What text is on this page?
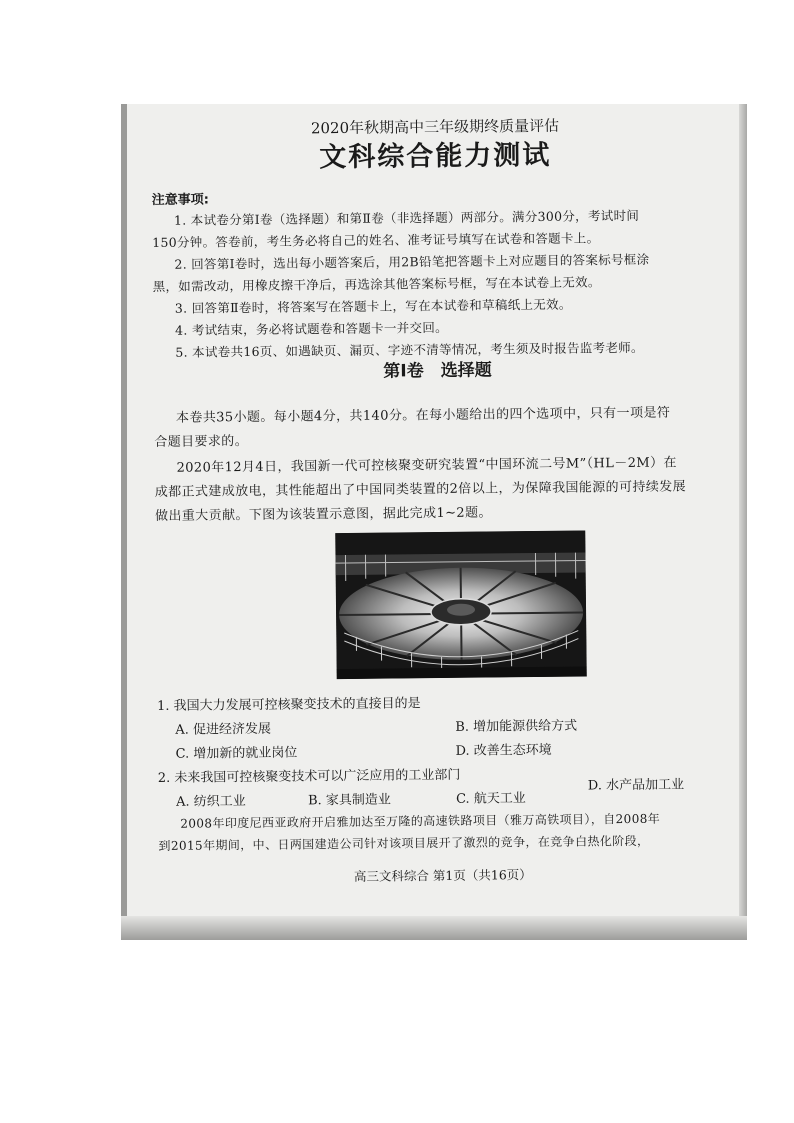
2020年秋期高中三年级期终质量评估
文科综合能力测试
注意事项:
1. 本试卷分第Ⅰ卷（选择题）和第Ⅱ卷（非选择题）两部分。满分300分，考试时间
150分钟。答卷前，考生务必将自己的姓名、准考证号填写在试卷和答题卡上。
2. 回答第Ⅰ卷时，选出每小题答案后，用2B铅笔把答题卡上对应题目的答案标号框涂
黑，如需改动，用橡皮擦干净后，再选涂其他答案标号框，写在本试卷上无效。
3. 回答第Ⅱ卷时，将答案写在答题卡上，写在本试卷和草稿纸上无效。
4. 考试结束，务必将试题卷和答题卡一并交回。
5. 本试卷共16页、如遇缺页、漏页、字迹不清等情况，考生须及时报告监考老师。
第Ⅰ卷　选择题
本卷共35小题。每小题4分，共140分。在每小题给出的四个选项中，只有一项是符
合题目要求的。
2020年12月4日，我国新一代可控核聚变研究装置“中国环流二号M”（HL－2M）在
成都正式建成放电，其性能超出了中国同类装置的2倍以上，为保障我国能源的可持续发展
做出重大贡献。下图为该装置示意图，据此完成1~2题。
1. 我国大力发展可控核聚变技术的直接目的是
A. 促进经济发展	B. 增加能源供给方式
C. 增加新的就业岗位	D. 改善生态环境
2. 未来我国可控核聚变技术可以广泛应用的工业部门
A. 纺织工业	B. 家具制造业	C. 航天工业
D. 水产品加工业
2008年印度尼西亚政府开启雅加达至万隆的高速铁路项目（雅万高铁项目），自2008年
到2015年期间，中、日两国建造公司针对该项目展开了激烈的竞争，在竞争白热化阶段，
高三文科综合 第1页（共16页）
